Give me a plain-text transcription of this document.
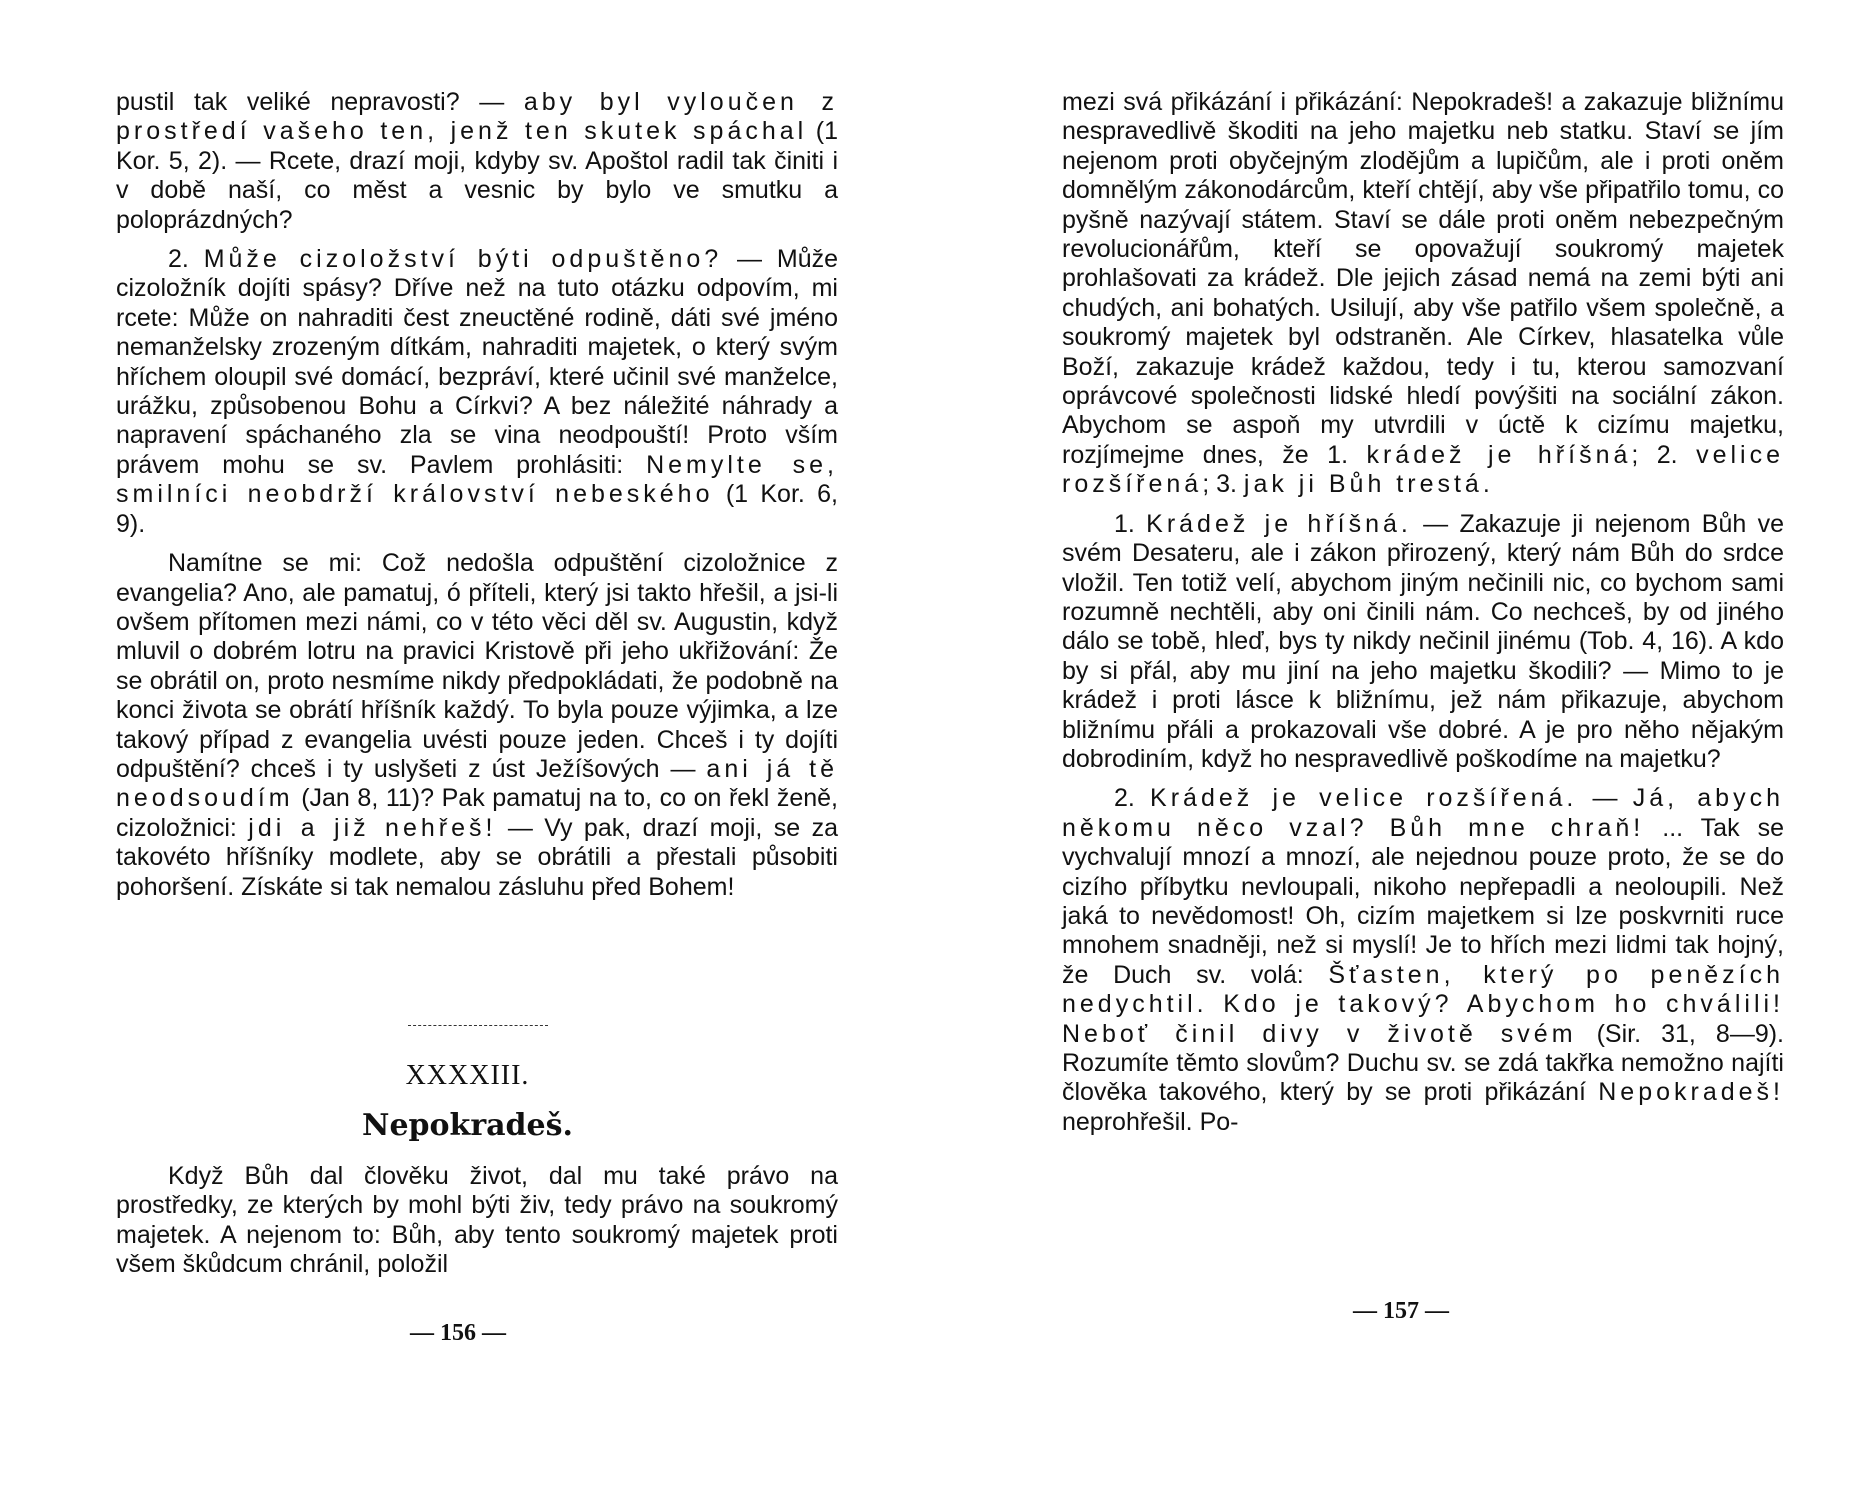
pustil tak veliké nepravosti? — aby byl vyloučen z prostředí vašeho ten, jenž ten skutek spáchal (1 Kor. 5, 2). — Rcete, drazí moji, kdyby sv. Apoštol radil tak činiti i v době naší, co měst a vesnic by bylo ve smutku a poloprázdných?

2. Může cizoložství býti odpuštěno? — Může cizoložník dojíti spásy? Dříve než na tuto otázku odpovím, mi rcete: Může on nahraditi čest zneuctěné rodině, dáti své jméno nemanželsky zrozeným dítkám, nahraditi majetek, o který svým hříchem oloupil své domácí, bezpráví, které učinil své manželce, urážku, způsobenou Bohu a Církvi? A bez náležité náhrady a napravení spáchaného zla se vina neodpouští! Proto vším právem mohu se sv. Pavlem prohlásiti: Nemylte se, smilníci neobdrží království nebeského (1 Kor. 6, 9).

Namítne se mi: Což nedošla odpuštění cizoložnice z evangelia? Ano, ale pamatuj, ó příteli, který jsi takto hřešil, a jsi-li ovšem přítomen mezi námi, co v této věci děl sv. Augustin, když mluvil o dobrém lotru na pravici Kristově při jeho ukřižování: Že se obrátil on, proto nesmíme nikdy předpokládati, že podobně na konci života se obrátí hříšník každý. To byla pouze výjimka, a lze takový případ z evangelia uvésti pouze jeden. Chceš i ty dojíti odpuštění? chceš i ty uslyšeti z úst Ježíšových — ani já tě neodsoudím (Jan 8, 11)? Pak pamatuj na to, co on řekl ženě, cizoložnici: jdi a již nehřeš! — Vy pak, drazí moji, se za takovéto hříšníky modlete, aby se obrátili a přestali působiti pohoršení. Získáte si tak nemalou zásluhu před Bohem!

XXXXIII.
Nepokradeš.

Když Bůh dal člověku život, dal mu také právo na prostředky, ze kterých by mohl býti živ, tedy právo na soukromý majetek. A nejenom to: Bůh, aby tento soukromý majetek proti všem škůdcum chránil, položil

— 156 —

mezi svá přikázání i přikázání: Nepokradeš! a zakazuje bližnímu nespravedlivě škoditi na jeho majetku neb statku. Staví se jím nejenom proti obyčejným zlodějům a lupičům, ale i proti oněm domnělým zákonodárcům, kteří chtějí, aby vše připatřilo tomu, co pyšně nazývají státem. Staví se dále proti oněm nebezpečným revolucionářům, kteří se opovažují soukromý majetek prohlašovati za krádež. Dle jejich zásad nemá na zemi býti ani chudých, ani bohatých. Usilují, aby vše patřilo všem společně, a soukromý majetek byl odstraněn. Ale Církev, hlasatelka vůle Boží, zakazuje krádež každou, tedy i tu, kterou samozvaní oprávcové společnosti lidské hledí povýšiti na sociální zákon. Abychom se aspoň my utvrdili v úctě k cizímu majetku, rozjímejme dnes, že 1. krádež je hříšná; 2. velice rozšířená; 3. jak ji Bůh trestá.

1. Krádež je hříšná. — Zakazuje ji nejenom Bůh ve svém Desateru, ale i zákon přirozený, který nám Bůh do srdce vložil. Ten totiž velí, abychom jiným nečinili nic, co bychom sami rozumně nechtěli, aby oni činili nám. Co nechceš, by od jiného dálo se tobě, hleď, bys ty nikdy nečinil jinému (Tob. 4, 16). A kdo by si přál, aby mu jiní na jeho majetku škodili? — Mimo to je krádež i proti lásce k bližnímu, jež nám přikazuje, abychom bližnímu přáli a prokazovali vše dobré. A je pro něho nějakým dobrodiním, když ho nespravedlivě poškodíme na majetku?

2. Krádež je velice rozšířená. — Já, abych někomu něco vzal? Bůh mne chraň! ... Tak se vychvalují mnozí a mnozí, ale nejednou pouze proto, že se do cizího příbytku nevloupali, nikoho nepřepadli a neoloupili. Než jaká to nevědomost! Oh, cizím majetkem si lze poskvrniti ruce mnohem snadněji, než si myslí! Je to hřích mezi lidmi tak hojný, že Duch sv. volá: Šťasten, který po penězích nedychtil. Kdo je takový? Abychom ho chválili! Neboť činil divy v životě svém (Sir. 31, 8—9). Rozumíte těmto slovům? Duchu sv. se zdá takřka nemožno najíti člověka takového, který by se proti přikázání Nepokradeš! neprohřešil. Po-

— 157 —
